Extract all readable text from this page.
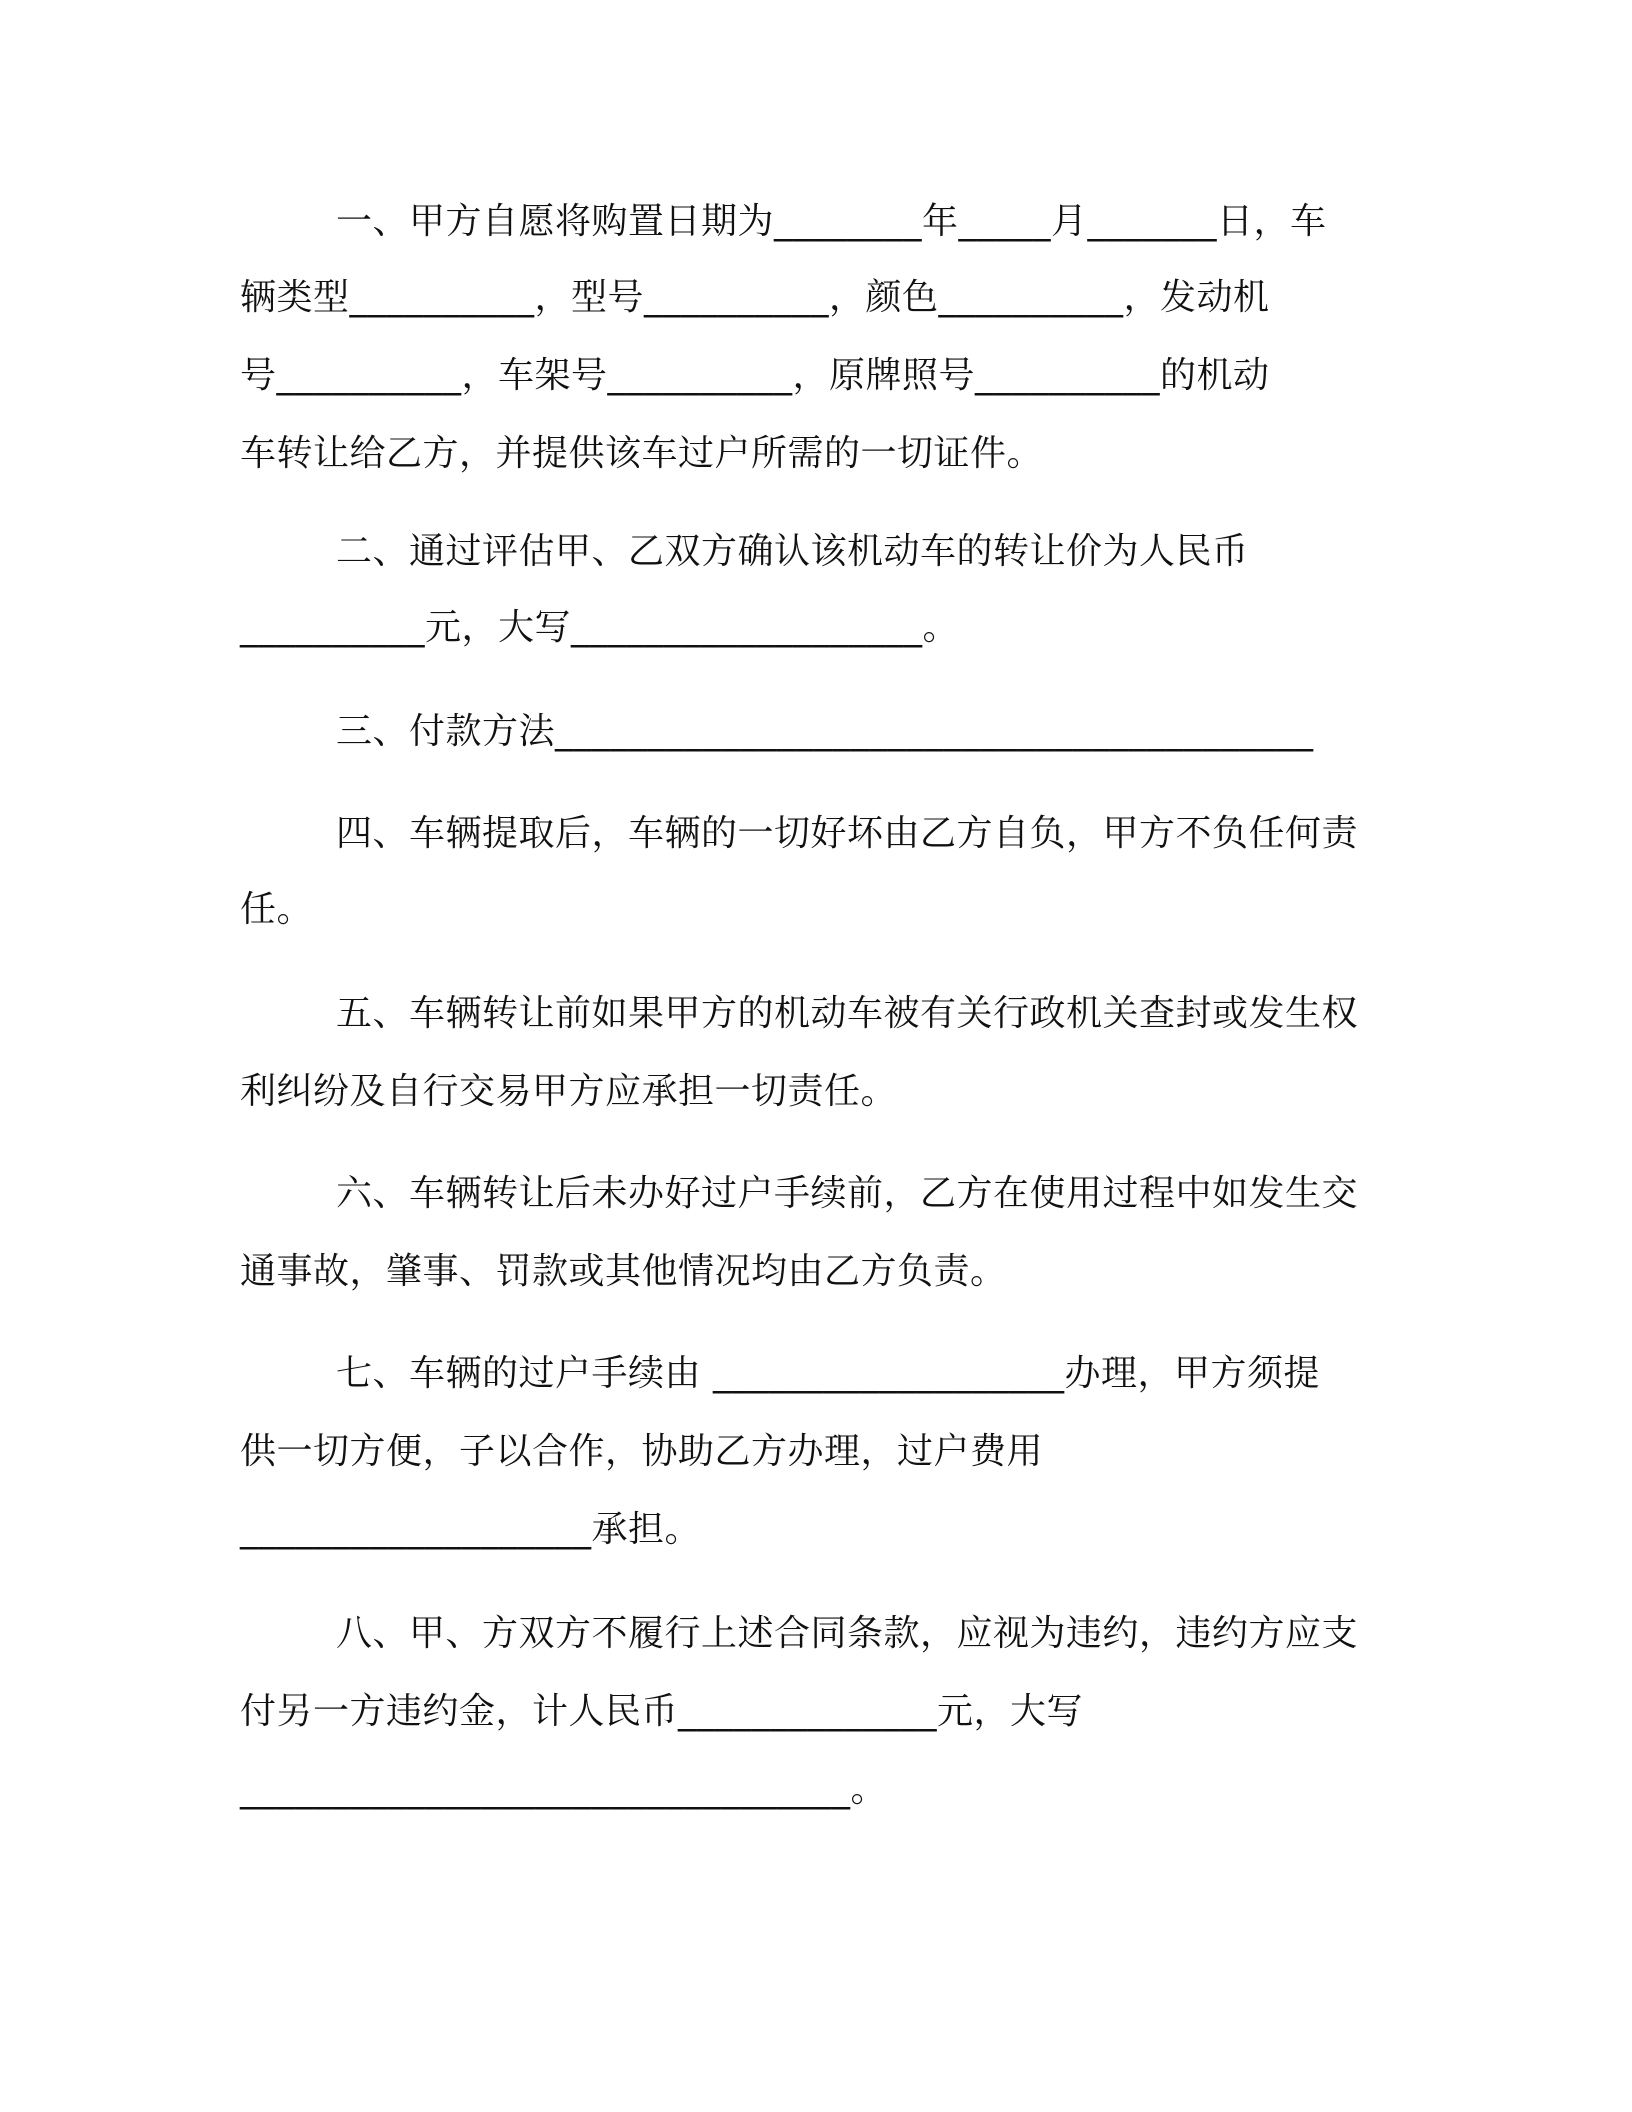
一、甲方自愿将购置日期为________年_____月_______日，车
辆类型__________，型号__________，颜色__________，发动机
号__________，车架号__________，原牌照号__________的机动
车转让给乙方，并提供该车过户所需的一切证件。
二、通过评估甲、乙双方确认该机动车的转让价为人民币
__________元，大写___________________。
三、付款方法_________________________________________
四、车辆提取后，车辆的一切好坏由乙方自负，甲方不负任何责
任。
五、车辆转让前如果甲方的机动车被有关行政机关查封或发生权
利纠纷及自行交易甲方应承担一切责任。
六、车辆转让后未办好过户手续前，乙方在使用过程中如发生交
通事故，肇事、罚款或其他情况均由乙方负责。
七、车辆的过户手续由 ___________________办理，甲方须提
供一切方便，子以合作，协助乙方办理，过户费用
___________________承担。
八、甲、方双方不履行上述合同条款，应视为违约，违约方应支
付另一方违约金，计人民币______________元，大写
_________________________________。
